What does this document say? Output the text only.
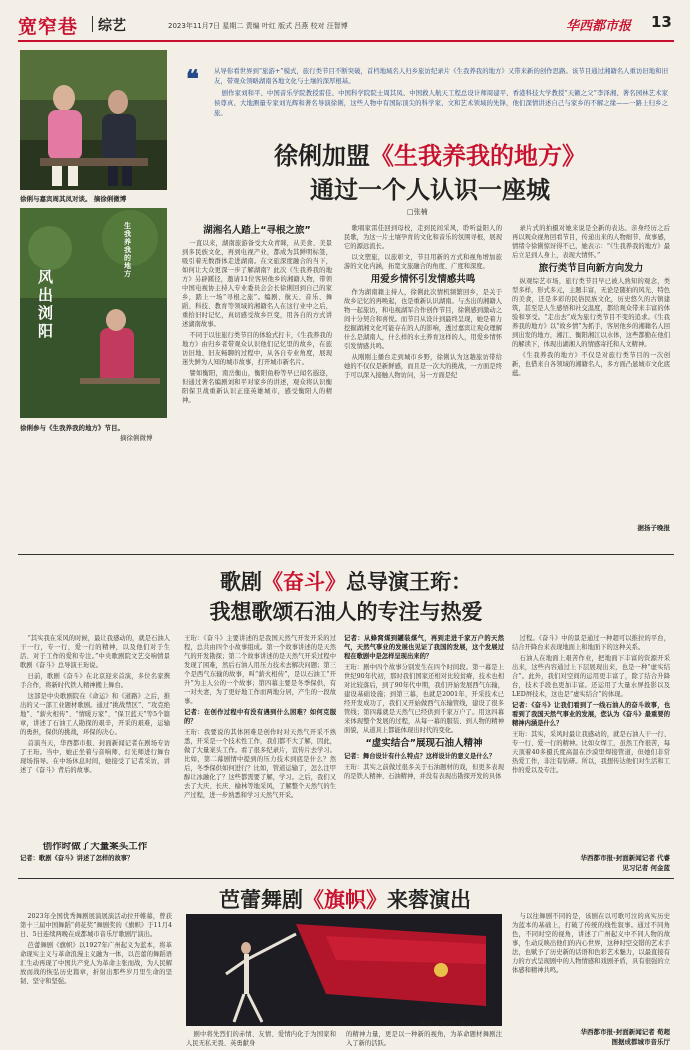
宽窄巷 综艺	2023年11月7日 星期二 责编 叶红 版式 吕燕 校对 汪智博	华西都市报 13
徐俐与嘉宾周其凤对谈。 摘徐俐微博
风出浏阳
生我养我的地方
徐俐参与《生我养我的地方》节目。
摘徐俐微博
❝ 从导你看世界到“旅游+”模式，旅行类节目不断突破，首档地域名人归乡旅访纪录片《生我养我的地方》又带来新的创作思路。该节目通过湘籍名人重访旧地和旧友，带观众领略湖南各地文化与土壤的深厚根基。

剧作家刘和平、中国音乐学院教授雷佳、中国科学院院士周其凤、中国救人航天工程总设计师周建平、香港科技大学教授“天籁之父”李泽湘、著名园林艺术家侯尊真、大地测量专家刘光辉和著名导演徐俐，这些人物中有国际顶尖的科学家、文和艺术领域的先锋，他们深情讲述自己与家乡的不解之缘——一路上归乡之旅。

徐俐加盟《生我养我的地方》
通过一个人认识一座城
□张楠
湖湘名人踏上“寻根之旅”

一直以来，湖南旅游备受大众青睐，从美食、美景到多民族文化，再到电视产业，都成为其鲜明标签，吸引着无数群体走进湖南。在文旅深度融合的当下，如何让大众更深一步了解湖南？此次《生我养我的地方》另辟蹊径，邀请11位客居他乡的湘籍人物，带领中国电视协主持人专业委员会会长徐俐回到自己的家乡，踏上一场“寻根之旅”。编剧、航天、音乐、舞蹈、科技、教育等领域的湘籍名人在这行业中之后，重拾旧时记忆，真切感受故乡巨变，用各自的方式讲述湖南故事。

不同于以往旅行类节目的体验式打卡，《生我养我的地方》由归乡者带观众认识他们记忆里的故乡，在旅访旧地、旧友畅聊的过程中，从各自专业角度，展现迷失鲜为人知的城市故事，打开城市新名片。

譬如衡阳，南岳衡山，衡阳鱼粉等早已闻名遐迩，但通过著名编剧刘和平对家乡的讲述，观众将认识衡阳保卫战重新认识正座英雄城市，感受衡阳人的精神。

歌唱家雷佳回到母校，走到民间采风，聆听益阳人的民歌，为这一片土壤孕育的文化和音乐的氛围寻根，展现它的源远流长。

以文塑旅，以旅彰文，节目用新的方式和视角增加旅游的文化内涵，拓宽文旅融合的角度、广度和深度。

用爱乡情怀引发情感共鸣

作为湖南籍主持人，徐俐此次情机频繁回乡，是关于故乡记忆的再唤起，也是重新认识湖南。与杰出的湘籍人物一起旅访，和电视湖军合作创作节目，徐俐感到激动之间十分契合和喜悦。而节目从设计到最终呈现，她是着力挖掘湖湘文化可能存在的人的影响，透过嘉宾让观众理解什么是湖南人，什么样的水土养育这样的人，用爱乡情怀引发情感共鸣。

从刚刚主播台走到城市乡野，徐俐认为这趟旅访带给她的不仅仅是新鲜感，而且是一次大的挑战，一方面是终于可以深入接触人物访问，另一方面是纪

录片式的拍摄对她来说是全新的表达。亲身经历之后再以观众视角回看节目，传递出来的人物细节、故事感，情绪令徐俐惊讶得不已，她表示：“《生我养我的地方》最后立足到人身上，表现大情怀。”

旅行类节目向新方向发力

纵观综艺市场，旅行类节目早已被人熟知的观念，类型多样，形式多元，主题丰富，无论是随拍的风光、特色的美食，还是多彩的民俗民族文化，历史悠久的古镇建筑，甚至是人生感悟和社交温度，都给观众带来丰富的体验和享受。“走出去”成为旅行类节目不变的追求。《生我养我的地方》以“故乡情”为抓手，客居他乡的湘籍名人回到出发的地方，湘江、衡阳湘江以水体，这些都勤在他们的解读下，体现出湖湘人的情感寄托和人文精神。

《生我养我的地方》不仅是对旅行类节目的一次创新，也借来自各领域的湘籍名人，多方面凸显城市文化底蕴。

据扬子晚报
歌剧《奋斗》总导演王珩：
我想歌颂石油人的专注与热爱

“其实我在采风的时候，最让我感动的，就是石油人干一行，专一行，爱一行的精神，以及他们对于生活、对于工作的爱和专注。”中央歌剧院文艺交响情景歌剧《奋斗》总导演王珩说。

日前，歌剧《奋斗》在北京迎来首演，多位名家携手合作，将新时代铁人精神搬上舞台。

这部是中央歌剧院在《命运》和《道路》之后，推出的又一部工业题材歌剧。通过“挑战禁区”、“攻克绝地”、“薪火相传”、“情暖万家”、“保卫蓝天”等5个篇章，讲述了石油工人勘探的艰辛，开采的艰难，运输的勇担，保供的挑战，环保的决心。

首演当天，华西都市报、封面新闻记者在剧场专访了王珩。当中，她正坐着与音响师、灯光师进行舞台现场指导。在中场休息时间，她接受了记者采访，讲述了《奋斗》背后的故事。

创作时做了大量案头工作

记者：歌剧《奋斗》讲述了怎样的故事？

王珩：《奋斗》主要讲述的是我国天然气开发开采的过程，总共由四个小故事组成。第一个故事讲述的是天然气的开发勘探；第二个故事讲述的是天然气开采过程中发现了困难，然后石油人用压力技术去解决问题；第三个是西气东输的故事，叫“薪火相传”，是以石油工“开升”为主人公的一个故事；第四幕主要是冬季保供，有一对夫妻，为了更好地工作而两地分居，产生的一段故事。

记者：在创作过程中有没有遇到什么困难？如何克服的？

王珩：我要说的其体困难是创作时对天然气开采不熟悉，开采是一个技术性工作，我们都不大了解，因此，做了大量案头工作。看了很多纪录片，宣传片去学习。比如，第二幕剧情中提到的压力技术到底是什么？然后，冬季保供如何进行？比如，管道运输了，怎么注甲醇让冰融化了？这些都需要了解，学习。之后，我们又去了大庆、长庆、榆林等地采风，了解整个天然气的生产过程，进一步熟悉和学习天然气开采。

记者：从蜂窝煤到罐装煤气，再到走进千家万户的天然气，天然气事业的发展也见证了我国的发展，这个发展过程在歌剧中是怎样呈现出来的？

王珩：剧中四个故事分别发生在四个时间段。第一幕是上世纪90年代初，那时我们国家还相对比较贫瘠，技术也相对比较落后，到了90年代中期，我们开始发展西气东输，建设基础设施；到第三幕，也就是2001年，开采技术已经开发成功了，我们又开始做西气东输管线，建设了很多管线；第四幕就是天然气已经供到千家万户了。用这四幕来体现整个发展的过程，从每一幕的服装、到人物的精神面貌，从道具上都能体现出时代的变化。

“虚实结合”展现石油人精神

记者：舞台设计有什么特点？这样设计的意义是什么？

王珩：其实之前做过很多关于石油题材的戏，但更多表现的是铁人精神、石油精神，并没有表现出勘探开发的具体

过程。《奋斗》中的景是通过一种超可以推拉的平台，结合开降台来表现地面上和地面下的这种关系。

石油人在地面上艰苦作业，把地面下丰富的资源开采出来，这些内容通过上下层展现出来，也是一种“虚实结合”。此外，我们对空间的运用更丰富了，除了结合升降台，技术手段也更加丰富。还运用了大量水屏投影以及LED屏技术，这也是“虚实结合”的体现。

记者：《奋斗》让我们看到了一线石油人的奋斗故事，也看到了我国天然气事业的发展，您认为《奋斗》最重要的精神内涵是什么？

王珩：其实，采风时最让我感动的，就是石油人干一行、专一行、爱一行的精神。比如女焊工，虽然工作很苦，每天顶着40多摄氏度高温在沙漠里焊接管道，但她们非常热爱工作，非注有钻研。所以，我想传达他们对生活和工作的爱以及专注。

华西都市报-封面新闻记者 代睿
见习记者 何金蓝
芭蕾舞剧《旗帜》来蓉演出

2023年全国优秀舞剧展演展演活动拉开帷幕，曾获第十三届中国舞蹈“荷花奖”舞剧奖的《旗帜》于11月4日、5日连续两晚在成都城市音乐厅歌剧厅演出。

芭蕾舞剧《旗帜》以1927年广州起义为蓝本，将革命现实主义与革命浪漫主义融为一体，以芭蕾的舞蹈语汇生动再现了中国共产党人为革命主张而战，为人民解放而战的恢弘历史篇章，折射出那些岁月里生命的坚韧、坚守和坚强。

舞剧《旗帜》剧照。

剧中将先烈们的赤情、友情、爱情内化于为国家和人民无私无畏、英勇献身

的精神力量，更是以一种新的视角，为革命题材舞剧注入了新的活跃。

与以往舞剧不同的是，该剧在以可歌可泣的真实历史为蓝本的基础上，打破了传统的线性叙事。通过不同角色，不同时空的视角，讲述了广州起义中不同人物的故事，生动反映出他们的内心世界，这种时空交错的艺术手法，也赋予了历史新的话语和色彩艺术魅力，以最直接有力的方式呈现剧中的人物情感和戏剧矛盾，具有很强的立体感和精神共鸣。

华西都市报-封面新闻记者 荀超
图据成都城市音乐厅
